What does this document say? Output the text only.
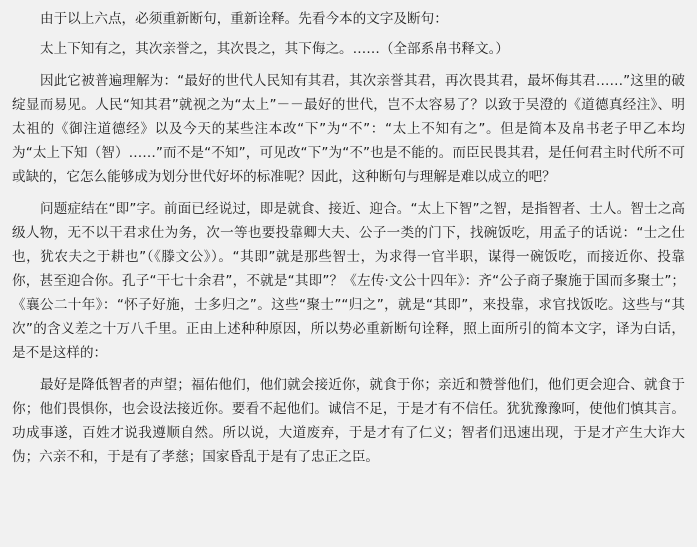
由于以上六点，必须重新断句，重新诠释。先看今本的文字及断句：

太上下知有之，其次亲誉之，其次畏之，其下侮之。……（全部系帛书释文。）

因此它被普遍理解为：“最好的世代人民知有其君，其次亲誉其君，再次畏其君，最坏侮其君……”这里的破绽显而易见。人民“知其君”就视之为“太上”－－最好的世代，岂不太容易了？以致于吴澄的《道德真经注》、明太祖的《御注道德经》以及今天的某些注本改“下”为“不”：“太上不知有之”。但是简本及帛书老子甲乙本均为“太上下知（智）……”而不是“不知”，可见改“下”为“不”也是不能的。而臣民畏其君，是任何君主时代所不可或缺的，它怎么能够成为划分世代好坏的标准呢？因此，这种断句与理解是难以成立的吧？

问题症结在“即”字。前面已经说过，即是就食、接近、迎合。“太上下智”之智，是指智者、士人。智士之高级人物，无不以干君求仕为务，次一等也要投靠卿大夫、公子一类的门下，找碗饭吃，用孟子的话说：“士之仕也，犹农夫之于耕也”（《滕文公》）。“其即”就是那些智士，为求得一官半职，谋得一碗饭吃，而接近你、投靠你，甚至迎合你。孔子“干七十余君”，不就是“其即”？《左传·文公十四年》：齐“公子商子聚施于国而多聚士”；《襄公二十年》：“怀子好施，士多归之”。这些“聚士”“归之”，就是“其即”，来投靠，求官找饭吃。这些与“其次”的含义差之十万八千里。正由上述种种原因，所以势必重新断句诠释，照上面所引的简本文字，译为白话，是不是这样的：

最好是降低智者的声望；福佑他们，他们就会接近你，就食于你；亲近和赞誉他们，他们更会迎合、就食于你；他们畏惧你，也会设法接近你。要看不起他们。诚信不足，于是才有不信任。犹犹豫豫呵，使他们慎其言。功成事遂，百姓才说我遵顺自然。所以说，大道废弃，于是才有了仁义；智者们迅速出现，于是才产生大诈大伪；六亲不和，于是有了孝慈；国家昏乱于是有了忠正之臣。
